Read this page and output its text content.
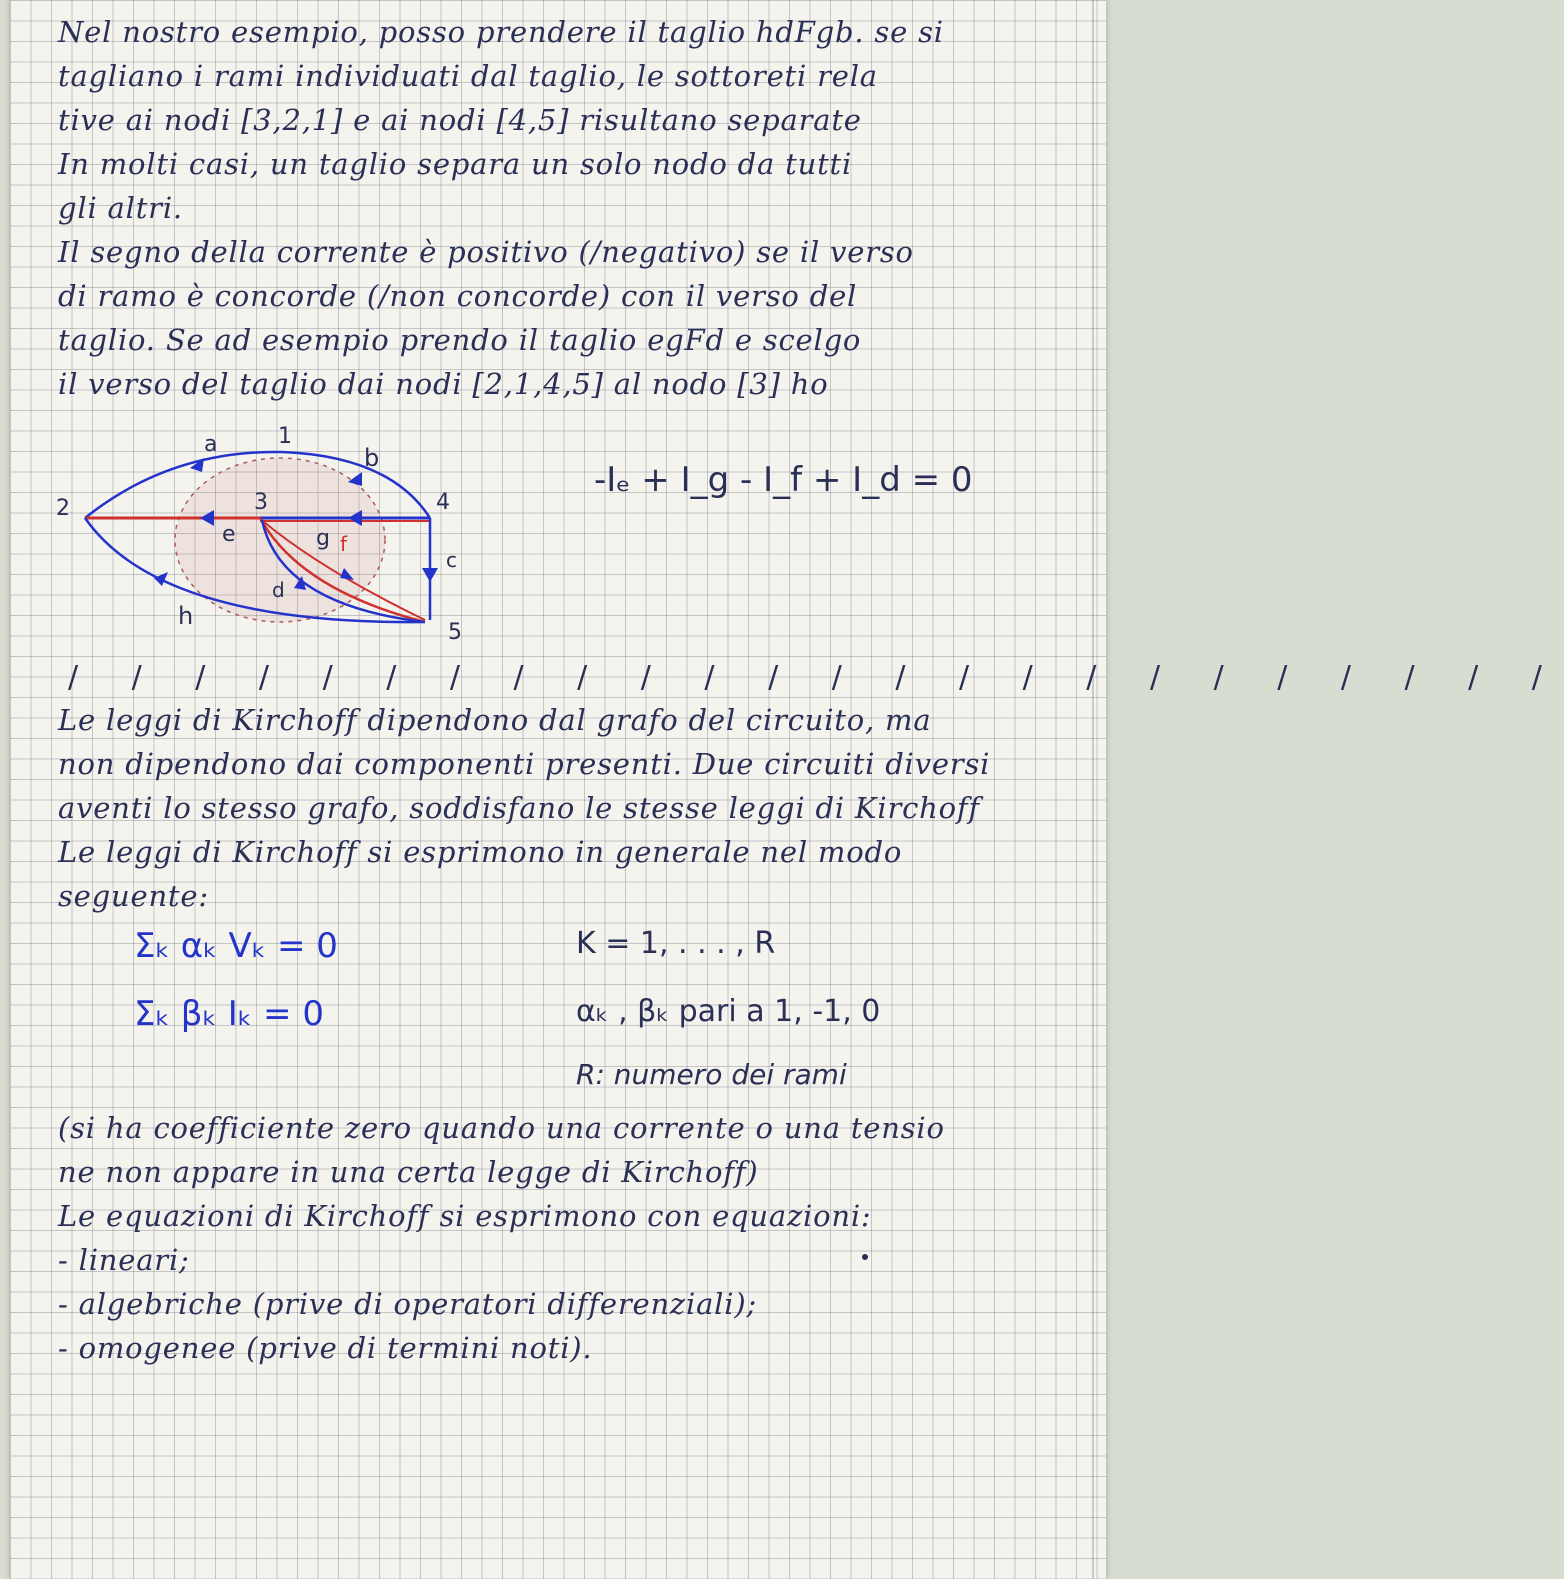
Nel nostro esempio, posso prendere il taglio hdFgb. se si
tagliano i rami individuati dal taglio, le sottoreti rela
tive ai nodi [3,2,1] e ai nodi [4,5] risultano separate
In molti casi, un taglio separa un solo nodo da tutti
gli altri.
Il segno della corrente è positivo (/negativo) se il verso
di ramo è concorde (/non concorde) con il verso del
taglio. Se ad esempio prendo il taglio egFd e scelgo
il verso del taglio dai nodi [2,1,4,5] al nodo [3] ho
1
2	3	4
5
a	b
c
d
e	f
g
h
-Iₑ + I_g - I_f + I_d = 0
/ / / / / / / / / / / / / / / / / / / / / / / /
Le leggi di Kirchoff dipendono dal grafo del circuito, ma
non dipendono dai componenti presenti. Due circuiti diversi
aventi lo stesso grafo, soddisfano le stesse leggi di Kirchoff
Le leggi di Kirchoff si esprimono in generale nel modo
seguente:
Σₖ αₖ Vₖ = 0
Σₖ βₖ Iₖ = 0
K = 1, . . . , R
αₖ , βₖ pari a 1, -1, 0
R: numero dei rami
(si ha coefficiente zero quando una corrente o una tensio
ne non appare in una certa legge di Kirchoff)
Le equazioni di Kirchoff si esprimono con equazioni:
- lineari;
- algebriche (prive di operatori differenziali);
- omogenee (prive di termini noti).
